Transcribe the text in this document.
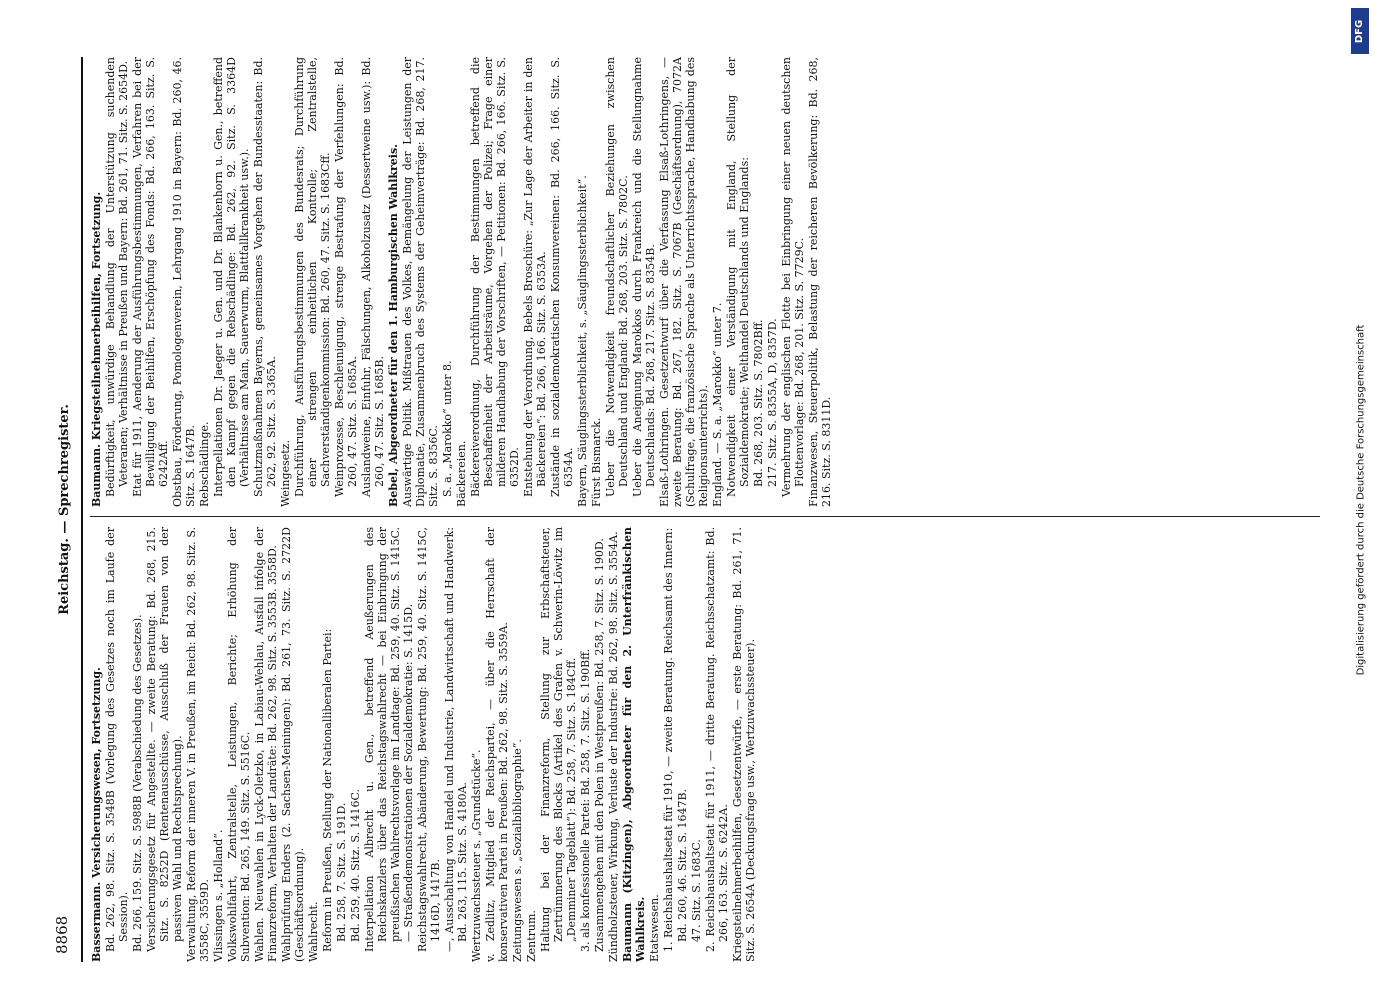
8868
Reichstag. — Sprechregister.

Bassermann. Versicherungswesen, Fortsetzung. Bd. 262, 98. Sitz. S. 3548B (Vorlegung des Gesetzes noch im Laufe der Session). Bd. 266, 159. Sitz. S. 5988B (Verabschiedung des Gesetzes). Versicherungsgesetz für Angestellte. — zweite Beratung: Bd. 268, 215. Sitz. S. 8252D (Rentenausschüsse, Ausschluß der Frauen von der passiven Wahl und Rechtsprechung). Verwaltung, Reform der inneren V. in Preußen, im Reich: Bd. 262, 98. Sitz. S. 3558C, 3559D. Vlissingen s. „Holland“. Volkswohlfahrt, Zentralstelle, Leistungen, Berichte; Erhöhung der Subvention: Bd. 265, 149. Sitz. S. 5516C. Wahlen. Neuwahlen in Lyck-Oletzko, in Labiau-Wehlau, Ausfall infolge der Finanzreform, Verhalten der Landräte: Bd. 262, 98. Sitz. S. 3553B. 3558D. Wahlprüfung Enders (2. Sachsen-Meiningen): Bd. 261, 73. Sitz. S. 2722D (Geschäftsordnung). Wahlrecht. Reform in Preußen, Stellung der Nationalliberalen Partei: Bd. 258, 7. Sitz. S. 191D. Bd. 259, 40. Sitz. S. 1416C. Interpellation Albrecht u. Gen., betreffend Aeußerungen des Reichskanzlers über das Reichstagswahlrecht — bei Einbringung der preußischen Wahlrechtsvorlage im Landtage: Bd. 259, 40. Sitz. S. 1415C. — Straßendemonstrationen der Sozialdemokratie: S. 1415D. Reichstagswahlrecht, Abänderung, Bewertung: Bd. 259, 40. Sitz. S. 1415C, 1416D, 1417B. —, Ausschaltung von Handel und Industrie, Landwirtschaft und Handwerk: Bd. 263, 115. Sitz. S. 4180A. Wertzuwachssteuer s. „Grundstücke“. v. Zedlitz, Mitglied der Reichspartei, — über die Herrschaft der konservativen Partei in Preußen: Bd. 262, 98. Sitz. S. 3559A. Zeitungswesen s. „Sozialbibliographie“. Zentrum. Haltung bei der Finanzreform, Stellung zur Erbschaftsteuer, Zertrümmerung des Blocks (Artikel des Grafen v. Schwerin-Löwitz im „Demminer Tageblatt“): Bd. 258, 7. Sitz. S. 184Cff. 3. als konfessionelle Partei: Bd. 258, 7. Sitz. S. 190Bff. Zusammengehen mit den Polen in Westpreußen: Bd. 258, 7. Sitz. S. 190D. Zündholzsteuer, Wirkung, Verluste der Industrie: Bd. 262, 98. Sitz. S. 3554A. Baumann (Kitzingen), Abgeordneter für den 2. Unterfränkischen Wahlkreis. Etatswesen. 1. Reichshaushaltsetat für 1910, — zweite Beratung. Reichsamt des Innern: Bd. 260, 46. Sitz. S. 1647B. 47. Sitz. S. 1683C. 2. Reichshaushaltsetat für 1911, — dritte Beratung. Reichsschatzamt: Bd. 266, 163. Sitz. S. 6242A. Kriegsteilnehmerbeihilfen, Gesetzentwürfe, — erste Beratung: Bd. 261, 71. Sitz. S. 2654A (Deckungsfrage usw., Wertzuwachssteuer).

Baumann. Kriegsteilnehmerbeihilfen, Fortsetzung. Bedürftigkeit, unwürdige Behandlung der Unterstützung suchenden Veteranen; Verhältnisse in Preußen und Bayern: Bd. 261, 71. Sitz. S. 2654D. Etat für 1911, Aenderung der Ausführungsbestimmungen, Verfahren bei der Bewilligung der Beihilfen, Erschöpfung des Fonds: Bd. 266, 163. Sitz. S. 6242Aff. Obstbau, Förderung, Pomologenverein, Lehrgang 1910 in Bayern: Bd. 260, 46. Sitz. S. 1647B. Rebschädlinge. Interpellationen Dr. Jaeger u. Gen. und Dr. Blankenhorn u. Gen., betreffend den Kampf gegen die Rebschädlinge: Bd. 262, 92. Sitz. S. 3364D (Verhältnisse am Main, Sauerwurm, Blattfallkrankheit usw.). Schutzmaßnahmen Bayerns, gemeinsames Vorgehen der Bundesstaaten: Bd. 262, 92. Sitz. S. 3365A. Weingesetz. Durchführung, Ausführungsbestimmungen des Bundesrats; Durchführung einer strengen einheitlichen Kontrolle; Zentralstelle, Sachverständigenkommission: Bd. 260, 47. Sitz. S. 1683Cff. Weinprozesse, Beschleunigung, strenge Bestrafung der Verfehlungen: Bd. 260, 47. Sitz. S. 1685A. Auslandweine, Einfuhr, Fälschungen, Alkoholzusatz (Dessertweine usw.): Bd. 260, 47. Sitz. S. 1685B. Bebel, Abgeordneter für den 1. Hamburgischen Wahlkreis. Auswärtige Politik. Mißtrauen des Volkes, Bemängelung der Leistungen der Diplomatie, Zusammenbruch des Systems der Geheimverträge: Bd. 268, 217. Sitz. S. 8356C. S. a. „Marokko“ unter 8. Bäckereien. Bäckereiverordnung, Durchführung der Bestimmungen betreffend die Beschaffenheit der Arbeitsräume, Vorgehen der Polizei; Frage einer milderen Handhabung der Vorschriften, — Petitionen: Bd. 266, 166. Sitz. S. 6352D. Entstehung der Verordnung, Bebels Broschüre: „Zur Lage der Arbeiter in den Bäckereien“: Bd. 266, 166. Sitz. S. 6353A. Zustände in sozialdemokratischen Konsumvereinen: Bd. 266, 166. Sitz. S. 6354A. Bayern, Säuglingssterblichkeit, s. „Säuglingssterblichkeit“. Fürst Bismarck. Ueber die Notwendigkeit freundschaftlicher Beziehungen zwischen Deutschland und England: Bd. 268, 203. Sitz. S. 7802C. Ueber die Aneignung Marokkos durch Frankreich und die Stellungnahme Deutschlands: Bd. 268, 217. Sitz. S. 8354B. Elsaß-Lothringen. Gesetzentwurf über die Verfassung Elsaß-Lothringens, — zweite Beratung: Bd. 267, 182. Sitz. S. 7067B (Geschäftsordnung), 7072A (Schulfrage, die französische Sprache als Unterrichtssprache, Handhabung des Religionsunterrichts). England. — S. a. „Marokko“ unter 7. Notwendigkeit einer Verständigung mit England, Stellung der Sozialdemokratie; Welthandel Deutschlands und Englands: Bd. 268, 203. Sitz. S. 7802Bff. 217. Sitz. S. 8355A, D, 8357D. Vermehrung der englischen Flotte bei Einbringung einer neuen deutschen Flottenvorlage: Bd. 268, 201. Sitz. S. 7729C. Finanzwesen, Steuerpolitik, Belastung der reicheren Bevölkerung: Bd. 268, 216. Sitz. S. 8311D.

DFG
Digitalisierung gefördert durch die Deutsche Forschungsgemeinschaft
